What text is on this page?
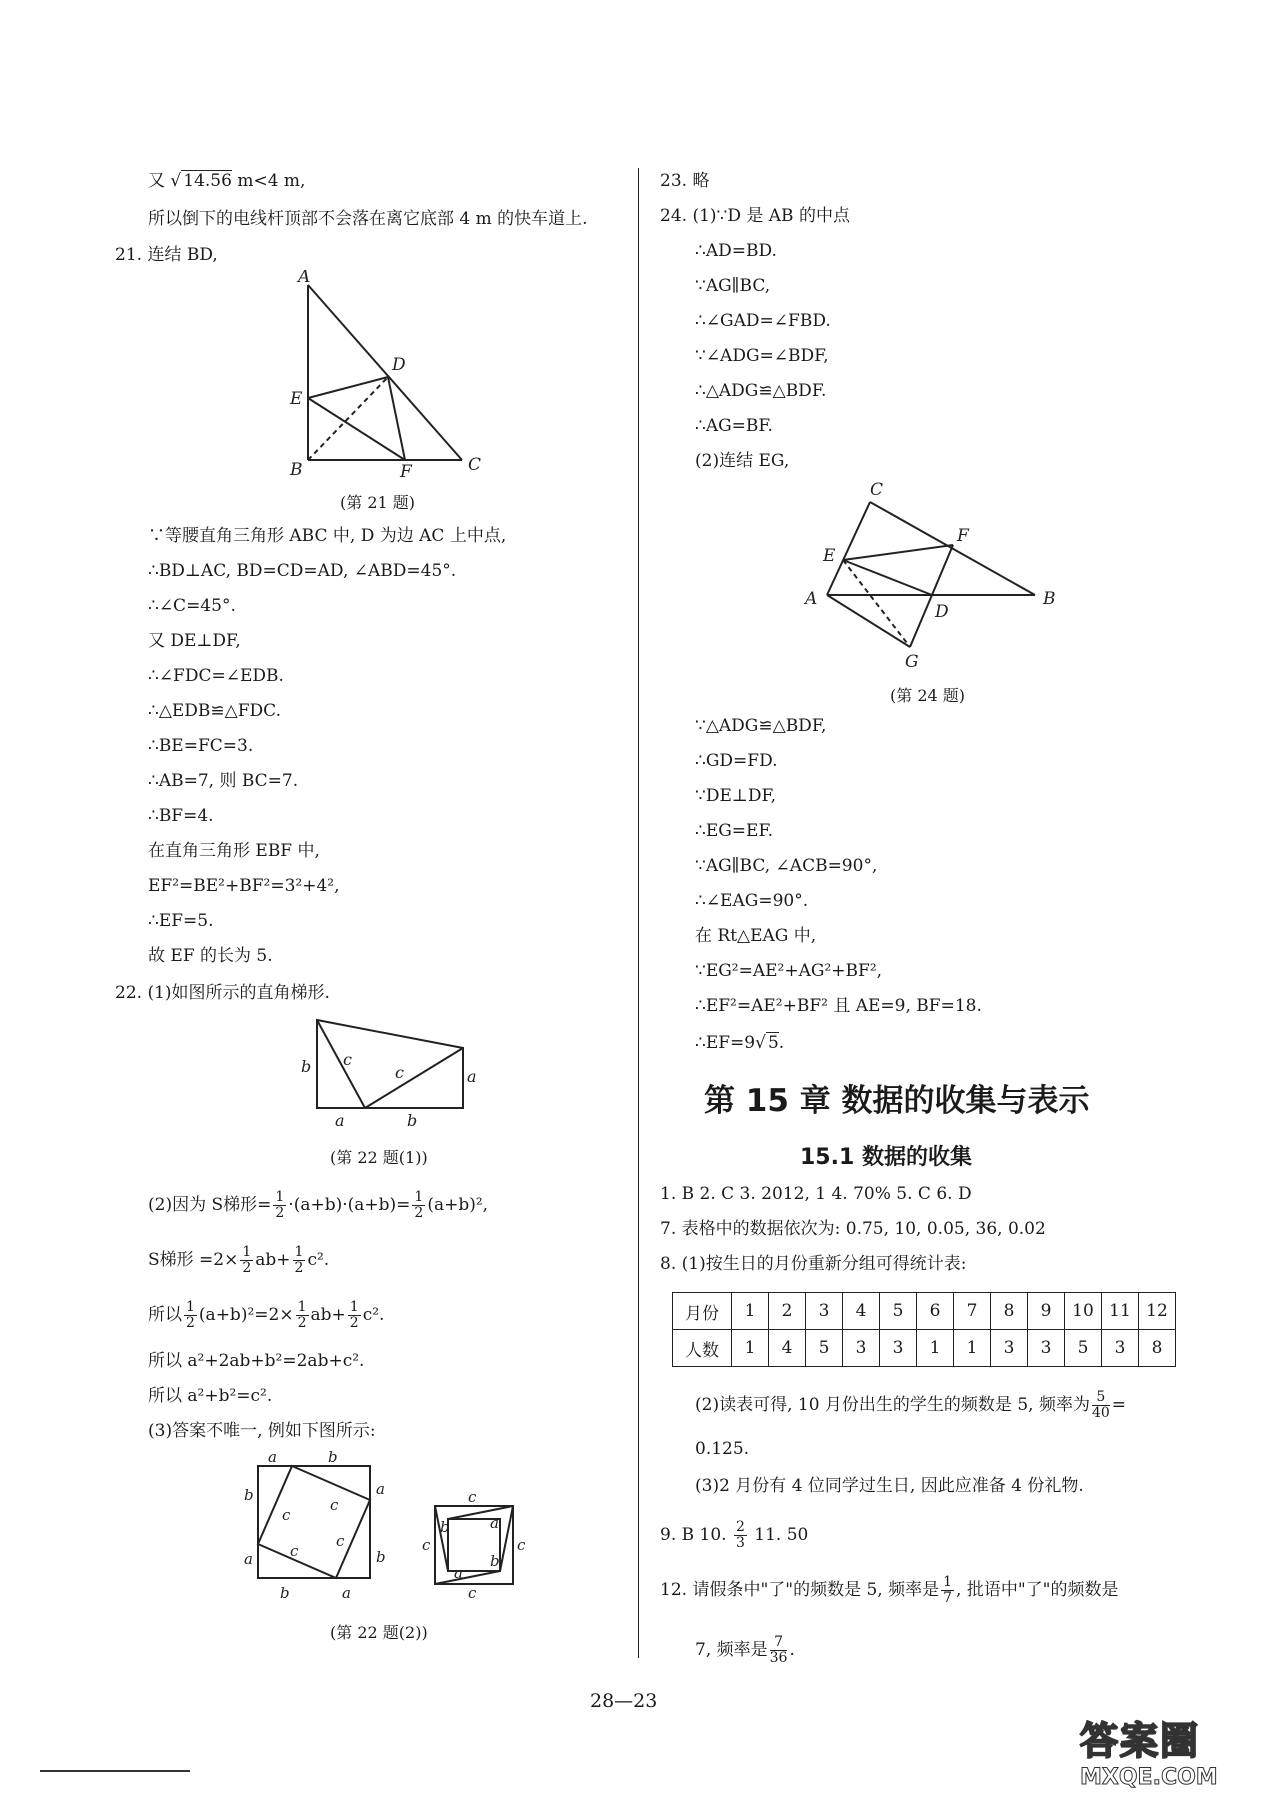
又 √ 14.56 m<4 m,
所以倒下的电线杆顶部不会落在离它底部 4 m 的快车道上.
21. 连结 BD,
A
D
E
B	F	C
(第 21 题)
∵等腰直角三角形 ABC 中, D 为边 AC 上中点,
∴BD⊥AC, BD=CD=AD, ∠ABD=45°.
∴∠C=45°.
又 DE⊥DF,
∴∠FDC=∠EDB.
∴△EDB≌△FDC.
∴BE=FC=3.
∴AB=7, 则 BC=7.
∴BF=4.
在直角三角形 EBF 中,
EF²=BE²+BF²=3²+4²,
∴EF=5.
故 EF 的长为 5.
22. (1)如图所示的直角梯形.
b c
c	a
a	b
(第 22 题(1))
(2)因为 S梯形= $\frac{1}{2} \cdot(a+b)\cdot(a+b)= \frac{1}{2} (a+b)^2$,
S梯形 $=2\times \frac{1}{2} ab+ \frac{1}{2} c^2$.
所以 $\frac{1}{2} (a+b)^2=2\times \frac{1}{2} ab+ \frac{1}{2} c^2$.
所以 a²+2ab+b²=2ab+c².
所以 a²+b²=c².
(3)答案不唯一, 例如下图所示:
a	b
b	a
a	b
b	a
c
c
c
c
c
c	c
c
b	a
a
b
(第 22 题(2))
23. 略
24. (1)∵D 是 AB 的中点
∴AD=BD.
∵AG∥BC,
∴∠GAD=∠FBD.
∵∠ADG=∠BDF,
∴△ADG≌△BDF.
∴AG=BF.
(2)连结 EG,
C
F
E
A
D
B
G
(第 24 题)
∵△ADG≌△BDF,
∴GD=FD.
∵DE⊥DF,
∴EG=EF.
∵AG∥BC, ∠ACB=90°,
∴∠EAG=90°.
在 Rt△EAG 中,
∵EG²=AE²+AG²+BF²,
∴EF²=AE²+BF² 且 AE=9, BF=18.
∴EF=9√ 5.
第 15 章 数据的收集与表示
15.1 数据的收集
1. B 2. C 3. 2012, 1 4. 70% 5. C 6. D
7. 表格中的数据依次为: 0.75, 10, 0.05, 36, 0.02
8. (1)按生日的月份重新分组可得统计表:
月份	1	2	3	4	5	6	7	8	9	10	11	12
人数	1	4	5	3	3	1	1	3	3	5	3	8
(2)读表可得, 10 月份出生的学生的频数是 5, 频率为 $\frac{5}{40}$ =
0.125.
(3)2 月份有 4 位同学过生日, 因此应准备 4 份礼物.
9. B 10. $\frac{2}{3} 11$. 50
12. 请假条中"了"的频数是 5, 频率是 $\frac{1}{7}$ , 批语中"了"的频数是
7, 频率是 $\frac{7}{36}$ .
28—23
答案圈
MXQE.COM
